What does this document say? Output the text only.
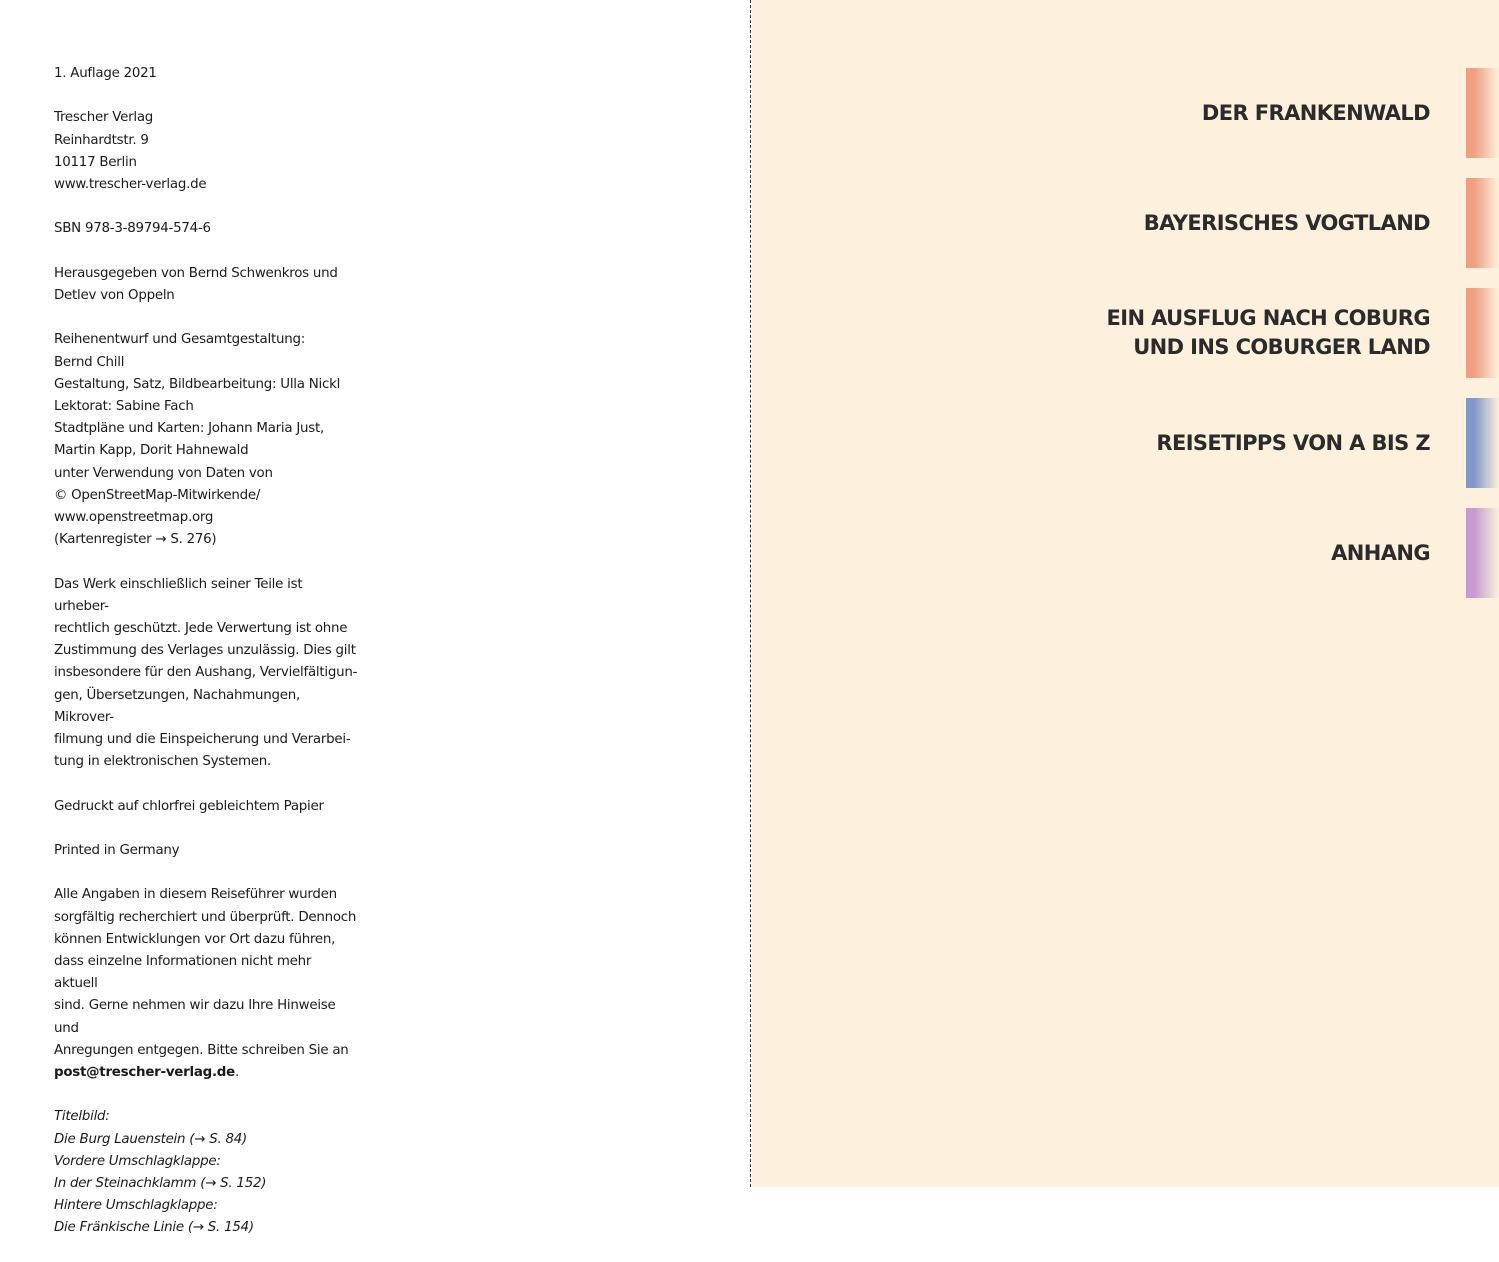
1. Auflage 2021

Trescher Verlag
Reinhardtstr. 9
10117 Berlin
www.trescher-verlag.de

SBN 978-3-89794-574-6

Herausgegeben von Bernd Schwenkros und
Detlev von Oppeln

Reihenentwurf und Gesamtgestaltung:
Bernd Chill
Gestaltung, Satz, Bildbearbeitung: Ulla Nickl
Lektorat: Sabine Fach
Stadtpläne und Karten: Johann Maria Just,
Martin Kapp, Dorit Hahnewald
unter Verwendung von Daten von
© OpenStreetMap-Mitwirkende/
www.openstreetmap.org
(Kartenregister → S. 276)

Das Werk einschließlich seiner Teile ist urheber-
rechtlich geschützt. Jede Verwertung ist ohne
Zustimmung des Verlages unzulässig. Dies gilt
insbesondere für den Aushang, Vervielfältigun-
gen, Übersetzungen, Nachahmungen, Mikrover-
filmung und die Einspeicherung und Verarbei-
tung in elektronischen Systemen.

Gedruckt auf chlorfrei gebleichtem Papier

Printed in Germany

Alle Angaben in diesem Reiseführer wurden
sorgfältig recherchiert und überprüft. Dennoch
können Entwicklungen vor Ort dazu führen,
dass einzelne Informationen nicht mehr aktuell
sind. Gerne nehmen wir dazu Ihre Hinweise und
Anregungen entgegen. Bitte schreiben Sie an
post@trescher-verlag.de.

Titelbild:
Die Burg Lauenstein (→ S. 84)
Vordere Umschlagklappe:
In der Steinachklamm (→ S. 152)
Hintere Umschlagklappe:
Die Fränkische Linie (→ S. 154)

DER FRANKENWALD
BAYERISCHES VOGTLAND
EIN AUSFLUG NACH COBURG
UND INS COBURGER LAND
REISETIPPS VON A BIS Z
ANHANG
